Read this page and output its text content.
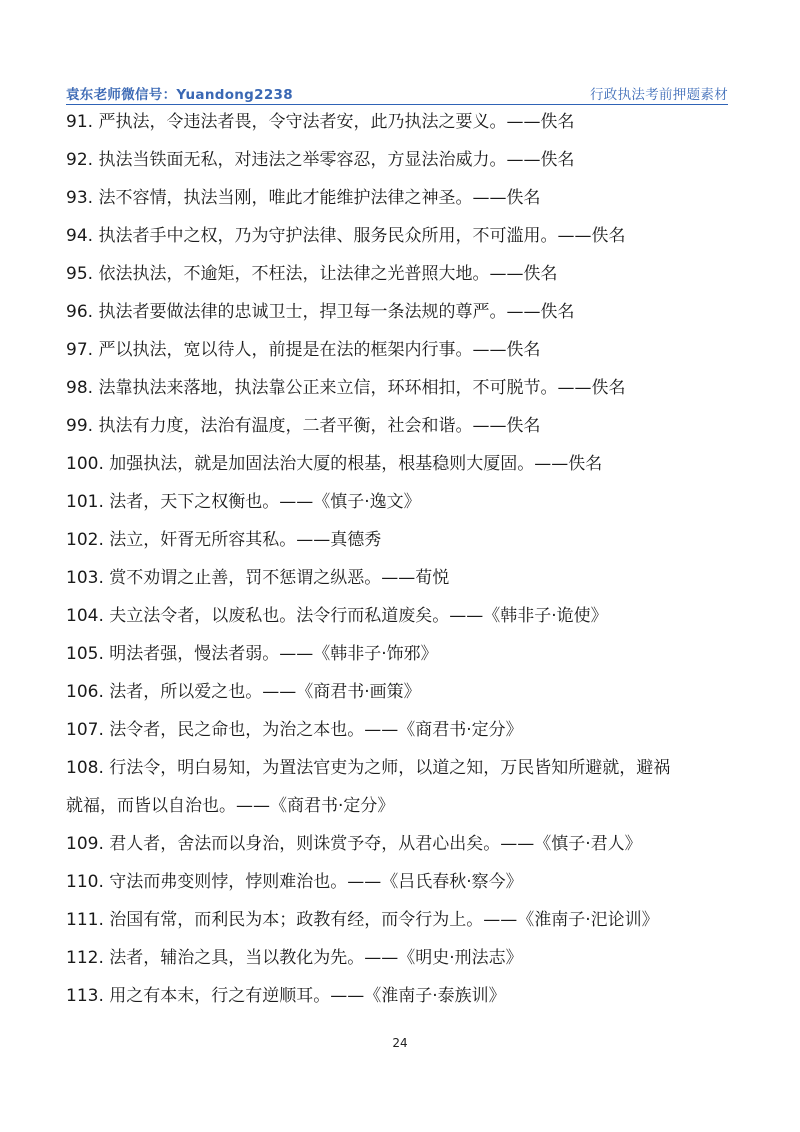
袁东老师微信号：Yuandong2238	行政执法考前押题素材
91. 严执法，令违法者畏，令守法者安，此乃执法之要义。——佚名
92. 执法当铁面无私，对违法之举零容忍，方显法治威力。——佚名
93. 法不容情，执法当刚，唯此才能维护法律之神圣。——佚名
94. 执法者手中之权，乃为守护法律、服务民众所用，不可滥用。——佚名
95. 依法执法，不逾矩，不枉法，让法律之光普照大地。——佚名
96. 执法者要做法律的忠诚卫士，捍卫每一条法规的尊严。——佚名
97. 严以执法，宽以待人，前提是在法的框架内行事。——佚名
98. 法靠执法来落地，执法靠公正来立信，环环相扣，不可脱节。——佚名
99. 执法有力度，法治有温度，二者平衡，社会和谐。——佚名
100. 加强执法，就是加固法治大厦的根基，根基稳则大厦固。——佚名
101. 法者，天下之权衡也。——《慎子·逸文》
102. 法立，奸胥无所容其私。——真德秀
103. 赏不劝谓之止善，罚不惩谓之纵恶。——荀悦
104. 夫立法令者，以废私也。法令行而私道废矣。——《韩非子·诡使》
105. 明法者强，慢法者弱。——《韩非子·饰邪》
106. 法者，所以爱之也。——《商君书·画策》
107. 法令者，民之命也，为治之本也。——《商君书·定分》
108. 行法令，明白易知，为置法官吏为之师，以道之知，万民皆知所避就，避祸
就福，而皆以自治也。——《商君书·定分》
109. 君人者，舍法而以身治，则诛赏予夺，从君心出矣。——《慎子·君人》
110. 守法而弗变则悖，悖则难治也。——《吕氏春秋·察今》
111. 治国有常，而利民为本；政教有经，而令行为上。——《淮南子·汜论训》
112. 法者，辅治之具，当以教化为先。——《明史·刑法志》
113. 用之有本末，行之有逆顺耳。——《淮南子·泰族训》
24
